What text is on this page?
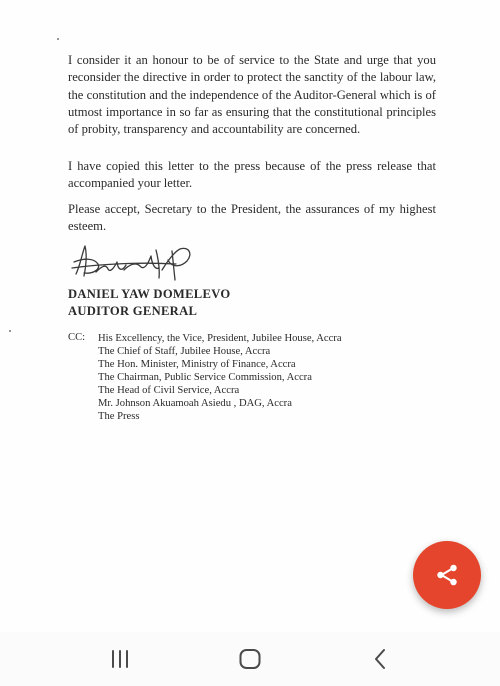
I consider it an honour to be of service to the State and urge that you reconsider the directive in order to protect the sanctity of the labour law, the constitution and the independence of the Auditor-General which is of utmost importance in so far as ensuring that the constitutional principles of probity, transparency and accountability are concerned.

I have copied this letter to the press because of the press release that accompanied your letter.

Please accept, Secretary to the President, the assurances of my highest esteem.

DANIEL YAW DOMELEVO

AUDITOR GENERAL

CC: His Excellency, the Vice, President, Jubilee House, Accra
The Chief of Staff, Jubilee House, Accra
The Hon. Minister, Ministry of Finance, Accra
The Chairman, Public Service Commission, Accra
The Head of Civil Service, Accra
Mr. Johnson Akuamoah Asiedu , DAG, Accra
The Press
